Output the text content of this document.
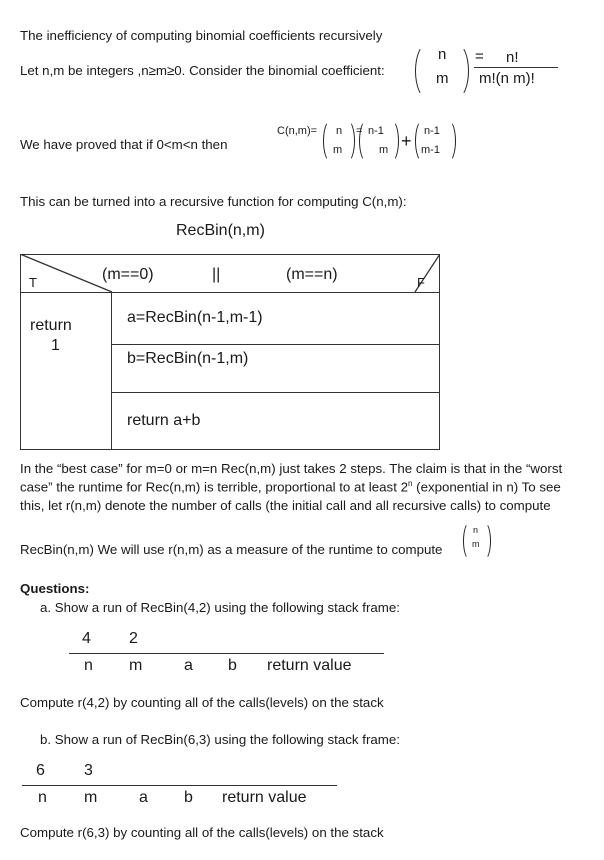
The inefficiency of computing binomial coefficients recursively
Let n,m be integers ,n≥m≥0. Consider the binomial coefficient:
n
m
= n!
m!(n m)!
We have proved that if 0<m<n then
C(n,m)= n
m
= n-1
m + n-1
m-1
This can be turned into a recursive function for computing C(n,m):
RecBin(n,m)
T	F
(m==0)	||	(m==n)
return
1
a=RecBin(n-1,m-1)
b=RecBin(n-1,m)
return a+b
In the “best case” for m=0 or m=n Rec(n,m) just takes 2 steps. The claim is that in the “worst
case” the runtime for Rec(n,m) is terrible, proportional to at least 2$^n$ (exponential in n) To see
this, let r(n,m) denote the number of calls (the initial call and all recursive calls) to compute
RecBin(n,m) We will use r(n,m) as a measure of the runtime to compute
n
m
Questions:
a. Show a run of RecBin(4,2) using the following stack frame:
4 2
n m	a b return value
Compute r(4,2) by counting all of the calls(levels) on the stack
b. Show a run of RecBin(6,3) using the following stack frame:
6 3
n m	a b return value
Compute r(6,3) by counting all of the calls(levels) on the stack
